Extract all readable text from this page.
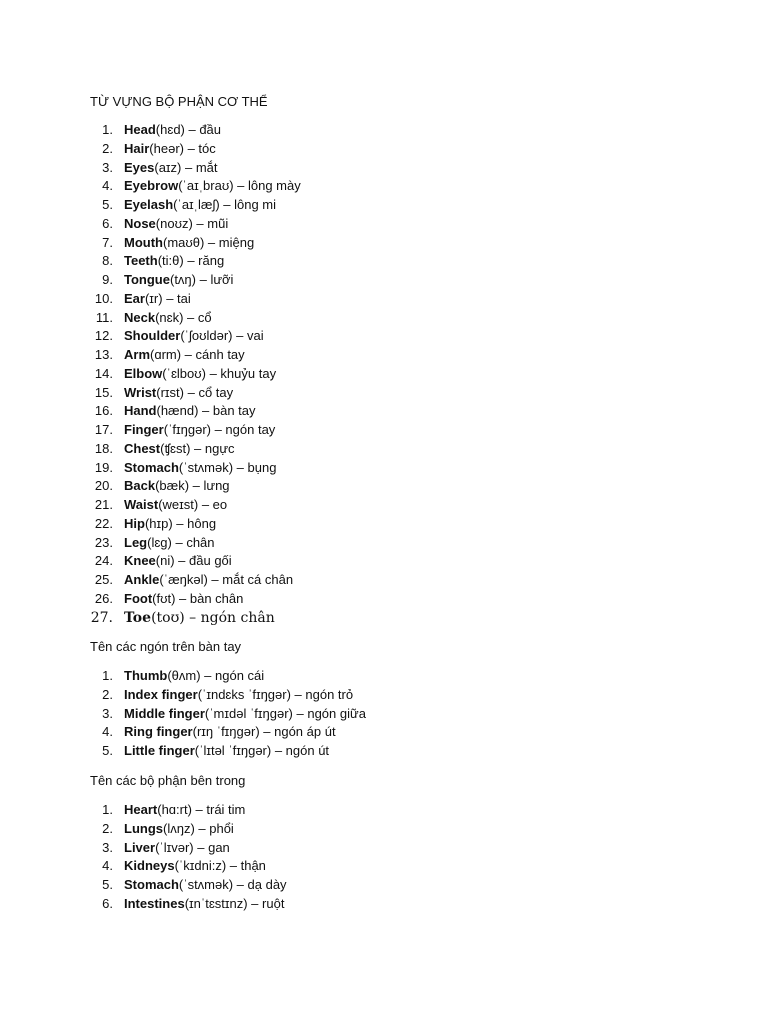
TỪ VỰNG BỘ PHẬN CƠ THỂ
1. Head (hɛd) – đầu
2. Hair (heər) – tóc
3. Eyes (aɪz) – mắt
4. Eyebrow (ˈaɪˌbraʊ) – lông mày
5. Eyelash (ˈaɪˌlæʃ) – lông mi
6. Nose (noʊz) – mũi
7. Mouth (maʊθ) – miệng
8. Teeth (ti:θ) – răng
9. Tongue (tʌŋ) – lưỡi
10. Ear (ɪr) – tai
11. Neck (nɛk) – cổ
12. Shoulder (ˈʃoʊldər) – vai
13. Arm (ɑrm) – cánh tay
14. Elbow (ˈɛlboʊ) – khuỷu tay
15. Wrist (rɪst) – cổ tay
16. Hand (hænd) – bàn tay
17. Finger (ˈfɪŋgər) – ngón tay
18. Chest (ʧɛst) – ngực
19. Stomach (ˈstʌmək) – bụng
20. Back (bæk) – lưng
21. Waist (weɪst) – eo
22. Hip (hɪp) – hông
23. Leg (lɛg) – chân
24. Knee (ni) – đầu gối
25. Ankle (ˈæŋkəl) – mắt cá chân
26. Foot (fʊt) – bàn chân
27. Toe (toʊ) – ngón chân
Tên các ngón trên bàn tay
1. Thumb (θʌm) – ngón cái
2. Index finger (ˈɪndɛks ˈfɪŋgər) – ngón trỏ
3. Middle finger (ˈmɪdəl ˈfɪŋgər) – ngón giữa
4. Ring finger (rɪŋ ˈfɪŋgər) – ngón áp út
5. Little finger (ˈlɪtəl ˈfɪŋgər) – ngón út
Tên các bộ phận bên trong
1. Heart (hɑ:rt) – trái tim
2. Lungs (lʌŋz) – phổi
3. Liver (ˈlɪvər) – gan
4. Kidneys (ˈkɪdni:z) – thận
5. Stomach (ˈstʌmək) – dạ dày
6. Intestines (ɪnˈtɛstɪnz) – ruột
